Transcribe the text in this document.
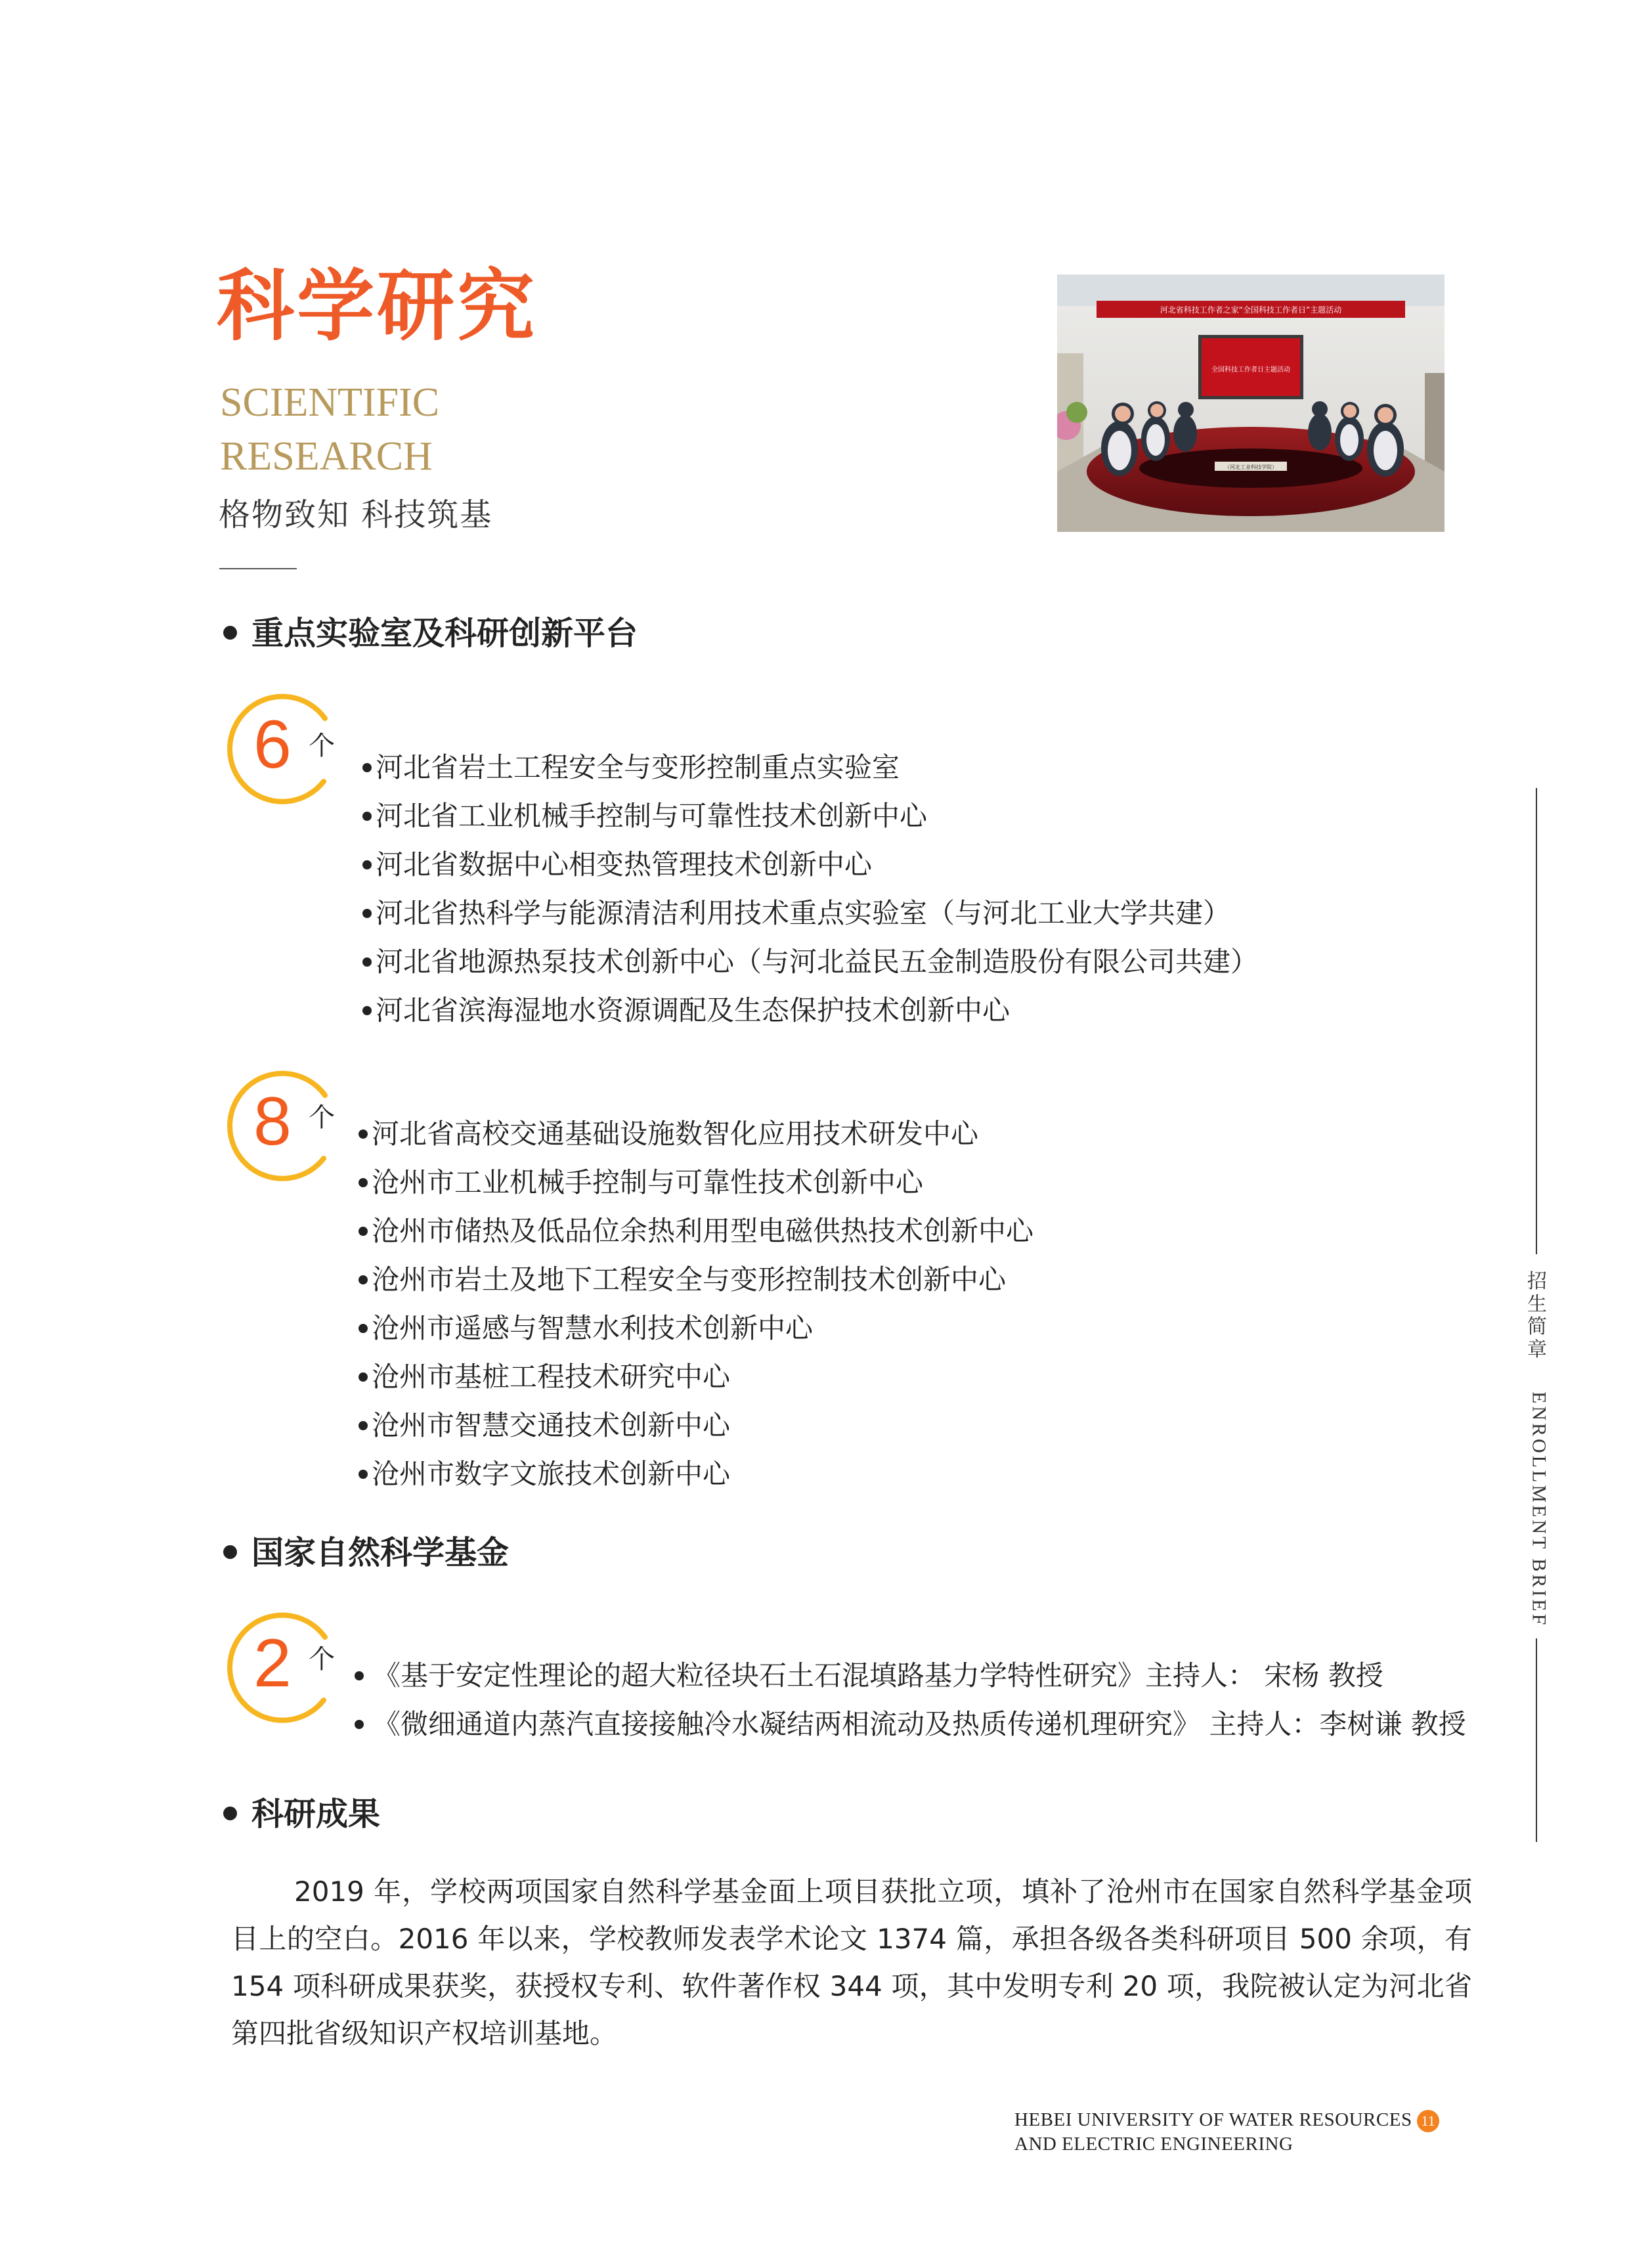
科学研究
SCIENTIFIC
RESEARCH
格物致知 科技筑基
河北省科技工作者之家“全国科技工作者日”主题活动
全国科技工作者日主题活动
（河北工业科技学院）
重点实验室及科研创新平台
6 个
河北省岩土工程安全与变形控制重点实验室
河北省工业机械手控制与可靠性技术创新中心
河北省数据中心相变热管理技术创新中心
河北省热科学与能源清洁利用技术重点实验室（与河北工业大学共建）
河北省地源热泵技术创新中心（与河北益民五金制造股份有限公司共建）
河北省滨海湿地水资源调配及生态保护技术创新中心
8 个	河北省高校交通基础设施数智化应用技术研发中心
沧州市工业机械手控制与可靠性技术创新中心
沧州市储热及低品位余热利用型电磁供热技术创新中心
沧州市岩土及地下工程安全与变形控制技术创新中心
沧州市遥感与智慧水利技术创新中心
沧州市基桩工程技术研究中心
沧州市智慧交通技术创新中心
沧州市数字文旅技术创新中心
国家自然科学基金
2 个	《基于安定性理论的超大粒径块石土石混填路基力学特性研究》主持人： 宋杨 教授
《微细通道内蒸汽直接接触冷水凝结两相流动及热质传递机理研究》 主持人：李树谦 教授
科研成果

2019 年，学校两项国家自然科学基金面上项目获批立项，填补了沧州市在国家自然科学基金项目上的空白。2016 年以来，学校教师发表学术论文 1374 篇，承担各级各类科研项目 500 余项，有 154 项科研成果获奖，获授权专利、软件著作权 344 项，其中发明专利 20 项，我院被认定为河北省第四批省级知识产权培训基地。

招
生
简
章
ENROLLMENT BRIEF
HEBEI UNIVERSITY OF WATER RESOURCES
AND ELECTRIC ENGINEERING
11
